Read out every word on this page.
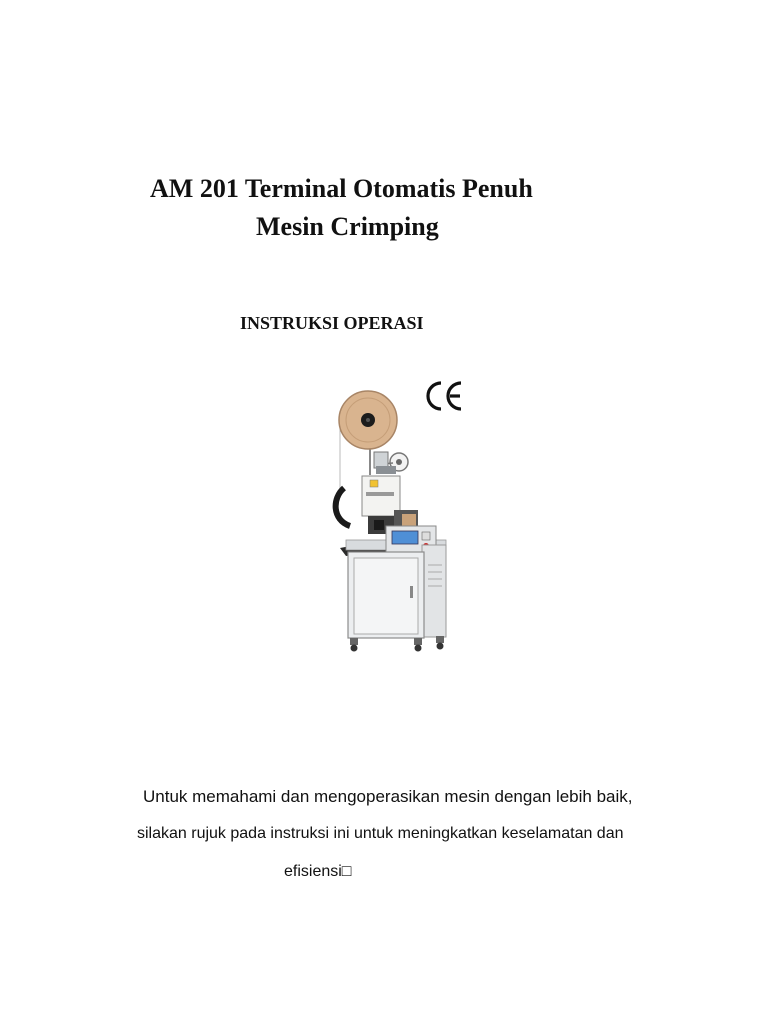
AM 201 Terminal Otomatis Penuh
Mesin Crimping
INSTRUKSI OPERASI
Untuk memahami dan mengoperasikan mesin dengan lebih baik,
silakan rujuk pada instruksi ini untuk meningkatkan keselamatan dan
efisiensi□
